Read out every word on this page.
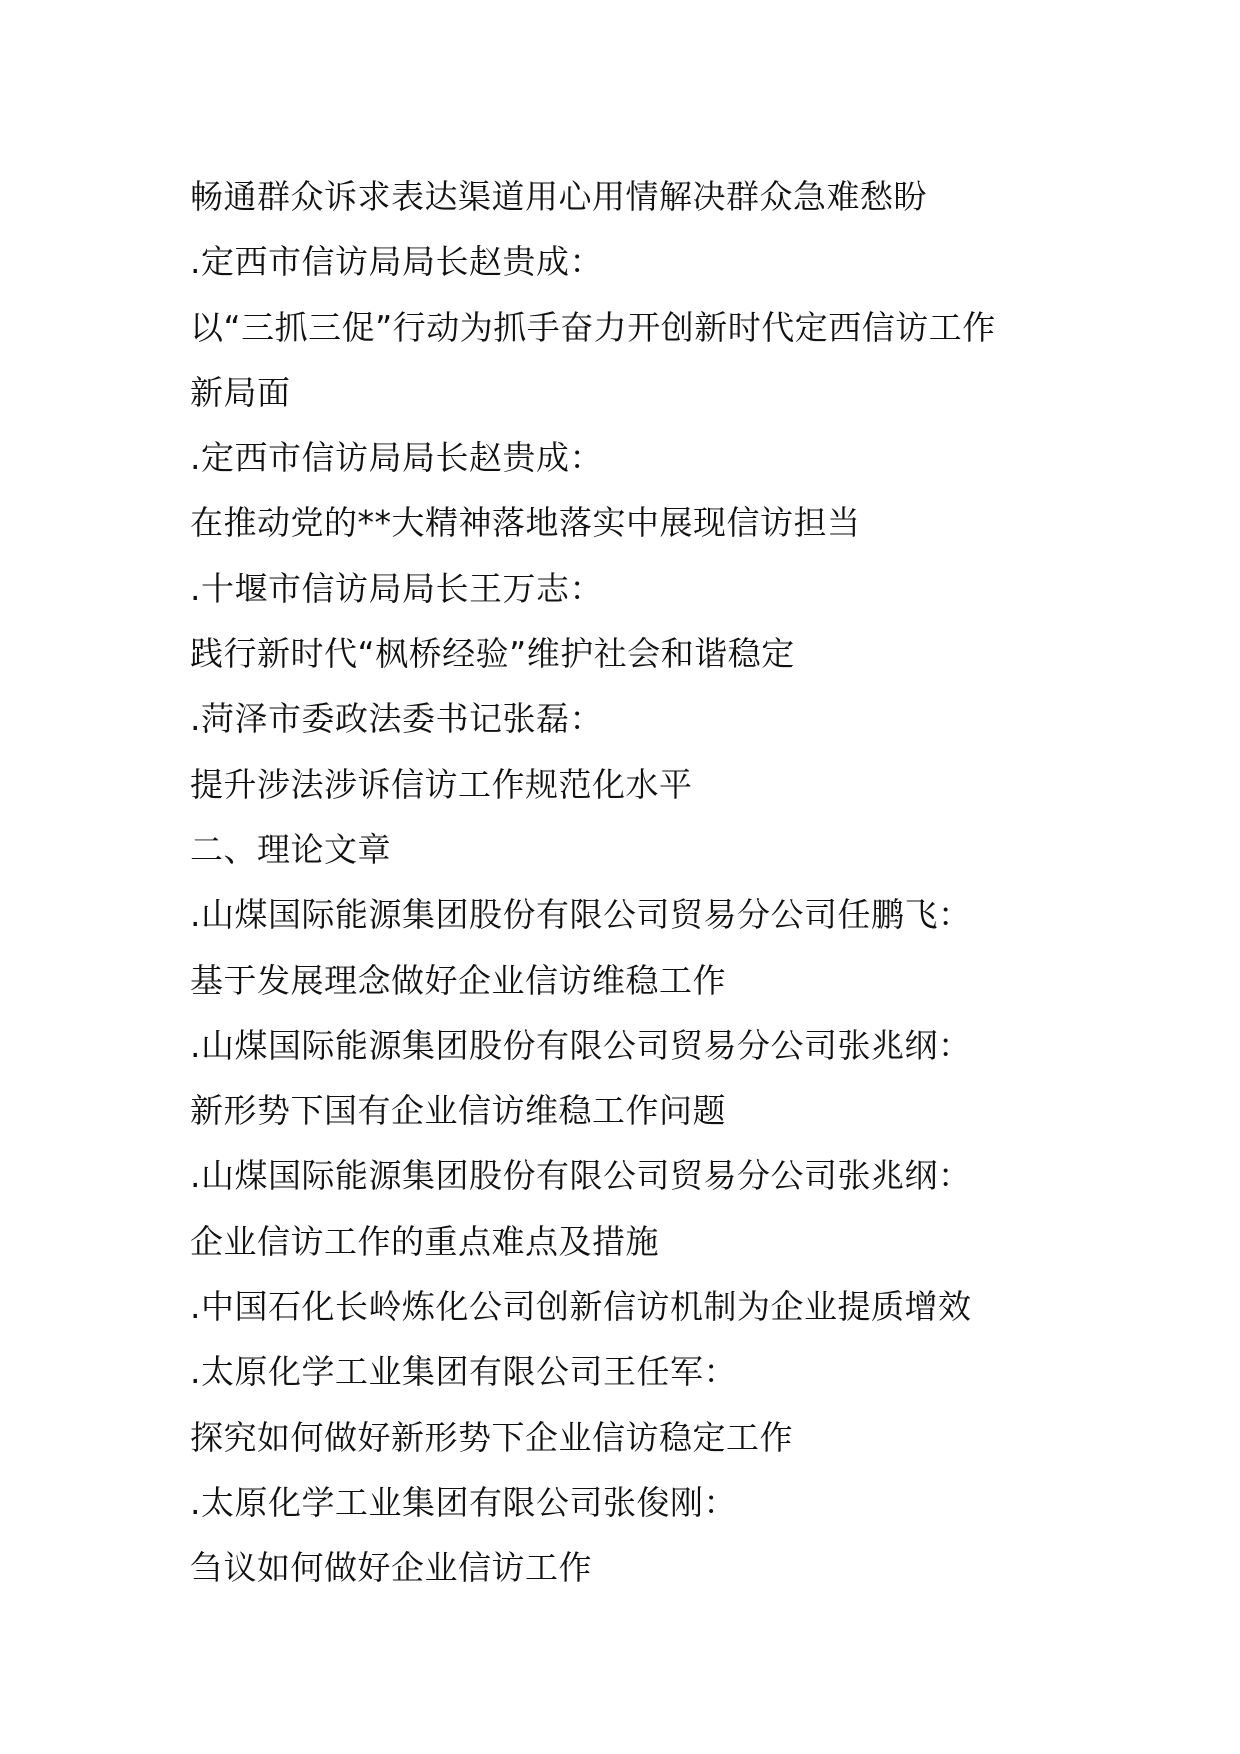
畅通群众诉求表达渠道用心用情解决群众急难愁盼
.定西市信访局局长赵贵成：
以“三抓三促”行动为抓手奋力开创新时代定西信访工作
新局面
.定西市信访局局长赵贵成：
在推动党的**大精神落地落实中展现信访担当
.十堰市信访局局长王万志：
践行新时代“枫桥经验”维护社会和谐稳定
.菏泽市委政法委书记张磊：
提升涉法涉诉信访工作规范化水平
二、理论文章
.山煤国际能源集团股份有限公司贸易分公司任鹏飞：
基于发展理念做好企业信访维稳工作
.山煤国际能源集团股份有限公司贸易分公司张兆纲：
新形势下国有企业信访维稳工作问题
.山煤国际能源集团股份有限公司贸易分公司张兆纲：
企业信访工作的重点难点及措施
.中国石化长岭炼化公司创新信访机制为企业提质增效
.太原化学工业集团有限公司王任军：
探究如何做好新形势下企业信访稳定工作
.太原化学工业集团有限公司张俊刚：
刍议如何做好企业信访工作
